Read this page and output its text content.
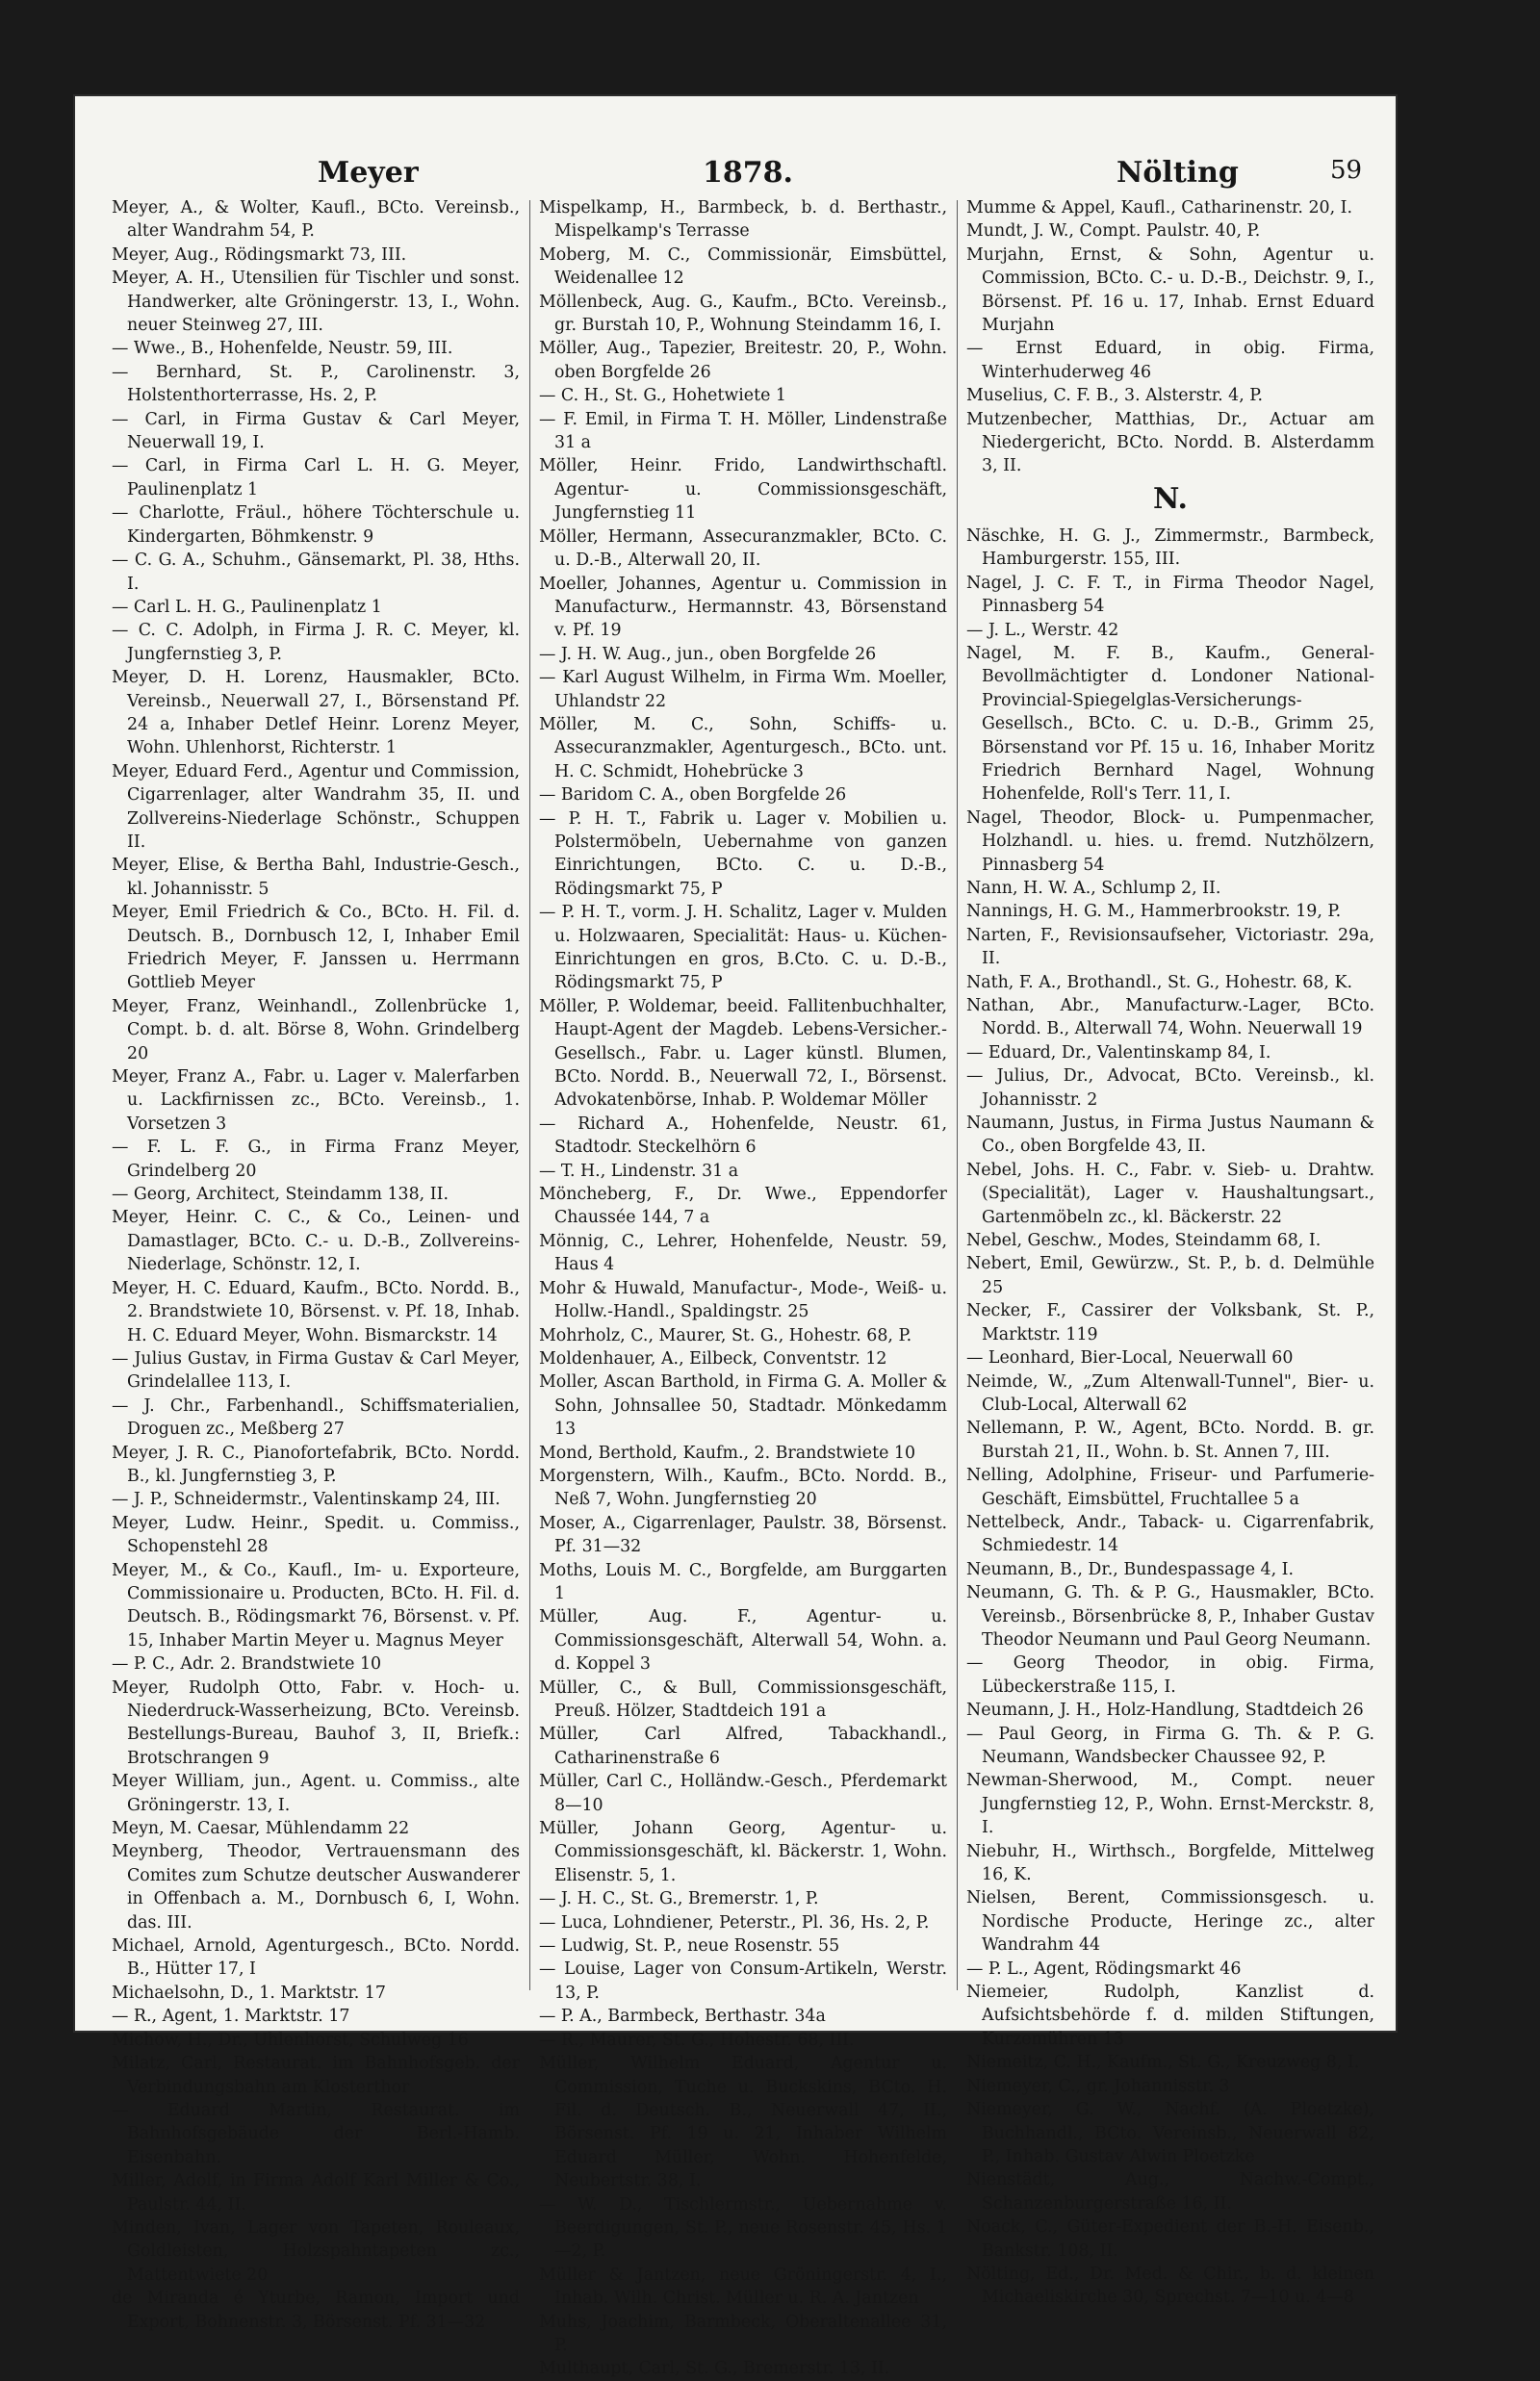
Meyer	1878.	Nölting	59

Meyer, A., & Wolter, Kaufl., BCto. Vereinsb., alter Wandrahm 54, P.

Meyer, Aug., Rödingsmarkt 73, III.

Meyer, A. H., Utensilien für Tischler und sonst. Handwerker, alte Gröningerstr. 13, I., Wohn. neuer Steinweg 27, III.

— Wwe., B., Hohenfelde, Neustr. 59, III.

— Bernhard, St. P., Carolinenstr. 3, Holstenthorterrasse, Hs. 2, P.

— Carl, in Firma Gustav & Carl Meyer, Neuerwall 19, I.

— Carl, in Firma Carl L. H. G. Meyer, Paulinenplatz 1

— Charlotte, Fräul., höhere Töchterschule u. Kindergarten, Böhmkenstr. 9

— C. G. A., Schuhm., Gänsemarkt, Pl. 38, Hths. I.

— Carl L. H. G., Paulinenplatz 1

— C. C. Adolph, in Firma J. R. C. Meyer, kl. Jungfernstieg 3, P.

Meyer, D. H. Lorenz, Hausmakler, BCto. Vereinsb., Neuerwall 27, I., Börsenstand Pf. 24 a, Inhaber Detlef Heinr. Lorenz Meyer, Wohn. Uhlenhorst, Richterstr. 1

Meyer, Eduard Ferd., Agentur und Commission, Cigarrenlager, alter Wandrahm 35, II. und Zollvereins-Niederlage Schönstr., Schuppen II.

Meyer, Elise, & Bertha Bahl, Industrie-Gesch., kl. Johannisstr. 5

Meyer, Emil Friedrich & Co., BCto. H. Fil. d. Deutsch. B., Dornbusch 12, I, Inhaber Emil Friedrich Meyer, F. Janssen u. Herrmann Gottlieb Meyer

Meyer, Franz, Weinhandl., Zollenbrücke 1, Compt. b. d. alt. Börse 8, Wohn. Grindelberg 20

Meyer, Franz A., Fabr. u. Lager v. Malerfarben u. Lackfirnissen zc., BCto. Vereinsb., 1. Vorsetzen 3

— F. L. F. G., in Firma Franz Meyer, Grindelberg 20

— Georg, Architect, Steindamm 138, II.

Meyer, Heinr. C. C., & Co., Leinen- und Damastlager, BCto. C.- u. D.-B., Zollvereins-Niederlage, Schönstr. 12, I.

Meyer, H. C. Eduard, Kaufm., BCto. Nordd. B., 2. Brandstwiete 10, Börsenst. v. Pf. 18, Inhab. H. C. Eduard Meyer, Wohn. Bismarckstr. 14

— Julius Gustav, in Firma Gustav & Carl Meyer, Grindelallee 113, I.

— J. Chr., Farbenhandl., Schiffsmaterialien, Droguen zc., Meßberg 27

Meyer, J. R. C., Pianofortefabrik, BCto. Nordd. B., kl. Jungfernstieg 3, P.

— J. P., Schneidermstr., Valentinskamp 24, III.

Meyer, Ludw. Heinr., Spedit. u. Commiss., Schopenstehl 28

Meyer, M., & Co., Kaufl., Im- u. Exporteure, Commissionaire u. Producten, BCto. H. Fil. d. Deutsch. B., Rödingsmarkt 76, Börsenst. v. Pf. 15, Inhaber Martin Meyer u. Magnus Meyer

— P. C., Adr. 2. Brandstwiete 10

Meyer, Rudolph Otto, Fabr. v. Hoch- u. Niederdruck-Wasserheizung, BCto. Vereinsb. Bestellungs-Bureau, Bauhof 3, II, Briefk.: Brotschrangen 9

Meyer William, jun., Agent. u. Commiss., alte Gröningerstr. 13, I.

Meyn, M. Caesar, Mühlendamm 22

Meynberg, Theodor, Vertrauensmann des Comites zum Schutze deutscher Auswanderer in Offenbach a. M., Dornbusch 6, I, Wohn. das. III.

Michael, Arnold, Agenturgesch., BCto. Nordd. B., Hütter 17, I

Michaelsohn, D., 1. Marktstr. 17

— R., Agent, 1. Marktstr. 17

Michow, H., Dr., Uhlenhorst, Schulweg 16

Milatz, Carl, Restaurat. im Bahnhofsgeb. der Verbindungsbahn am Klosterthor

— Eduard Martin, Restaurat. im Bahnhofsgebäude der Berl.-Hamb. Eisenbahn.

Miller, Adolf, in Firma Adolf Karl Miller & Co., Paulstr. 44, II.

Minden, Ivan, Lager von Tapeten, Rouleaux, Goldleisten, Holzspahntapeten zc., Mattentwiete 20

de Miranda é Yturbe, Ramon, Import und Export, Bohnenstr. 3, Börsenst. Pf. 31—32

Mispelkamp, H., Barmbeck, b. d. Berthastr., Mispelkamp's Terrasse

Moberg, M. C., Commissionär, Eimsbüttel, Weidenallee 12

Möllenbeck, Aug. G., Kaufm., BCto. Vereinsb., gr. Burstah 10, P., Wohnung Steindamm 16, I.

Möller, Aug., Tapezier, Breitestr. 20, P., Wohn. oben Borgfelde 26

— C. H., St. G., Hohetwiete 1

— F. Emil, in Firma T. H. Möller, Lindenstraße 31 a

Möller, Heinr. Frido, Landwirthschaftl. Agentur- u. Commissionsgeschäft, Jungfernstieg 11

Möller, Hermann, Assecuranzmakler, BCto. C. u. D.-B., Alterwall 20, II.

Moeller, Johannes, Agentur u. Commission in Manufacturw., Hermannstr. 43, Börsenstand v. Pf. 19

— J. H. W. Aug., jun., oben Borgfelde 26

— Karl August Wilhelm, in Firma Wm. Moeller, Uhlandstr 22

Möller, M. C., Sohn, Schiffs- u. Assecuranzmakler, Agenturgesch., BCto. unt. H. C. Schmidt, Hohebrücke 3

— Baridom C. A., oben Borgfelde 26

— P. H. T., Fabrik u. Lager v. Mobilien u. Polstermöbeln, Uebernahme von ganzen Einrichtungen, BCto. C. u. D.-B., Rödingsmarkt 75, P

— P. H. T., vorm. J. H. Schalitz, Lager v. Mulden u. Holzwaaren, Specialität: Haus- u. Küchen-Einrichtungen en gros, B.Cto. C. u. D.-B., Rödingsmarkt 75, P

Möller, P. Woldemar, beeid. Fallitenbuchhalter, Haupt-Agent der Magdeb. Lebens-Versicher.-Gesellsch., Fabr. u. Lager künstl. Blumen, BCto. Nordd. B., Neuerwall 72, I., Börsenst. Advokatenbörse, Inhab. P. Woldemar Möller

— Richard A., Hohenfelde, Neustr. 61, Stadtodr. Steckelhörn 6

— T. H., Lindenstr. 31 a

Möncheberg, F., Dr. Wwe., Eppendorfer Chaussée 144, 7 a

Mönnig, C., Lehrer, Hohenfelde, Neustr. 59, Haus 4

Mohr & Huwald, Manufactur-, Mode-, Weiß- u. Hollw.-Handl., Spaldingstr. 25

Mohrholz, C., Maurer, St. G., Hohestr. 68, P.

Moldenhauer, A., Eilbeck, Conventstr. 12

Moller, Ascan Barthold, in Firma G. A. Moller & Sohn, Johnsallee 50, Stadtadr. Mönkedamm 13

Mond, Berthold, Kaufm., 2. Brandstwiete 10

Morgenstern, Wilh., Kaufm., BCto. Nordd. B., Neß 7, Wohn. Jungfernstieg 20

Moser, A., Cigarrenlager, Paulstr. 38, Börsenst. Pf. 31—32

Moths, Louis M. C., Borgfelde, am Burggarten 1

Müller, Aug. F., Agentur- u. Commissionsgeschäft, Alterwall 54, Wohn. a. d. Koppel 3

Müller, C., & Bull, Commissionsgeschäft, Preuß. Hölzer, Stadtdeich 191 a

Müller, Carl Alfred, Tabackhandl., Catharinenstraße 6

Müller, Carl C., Holländw.-Gesch., Pferdemarkt 8—10

Müller, Johann Georg, Agentur- u. Commissionsgeschäft, kl. Bäckerstr. 1, Wohn. Elisenstr. 5, 1.

— J. H. C., St. G., Bremerstr. 1, P.

— Luca, Lohndiener, Peterstr., Pl. 36, Hs. 2, P.

— Ludwig, St. P., neue Rosenstr. 55

— Louise, Lager von Consum-Artikeln, Werstr. 13, P.

— P. A., Barmbeck, Berthastr. 34a

— R., Maurer, St. G., Hohestr. 68, III.

Müller, Wilhelm Eduard, Agentur u. Commission, Tuche u. Buckskins, BCto. H. Fil. d. Deutsch. B., Neuerwall 47, II., Börsenst. Pf. 19 u. 21, Inhaber Wilhelm Eduard Müller, Wohn. Hohenfelde, Neubertstr. 38, I.

— W. D., Tischlermstr., Uebernahme v. Beerdigungen, St. P., neue Rosenstr. 45, Hs. 1—2, P.

Müller & Jantzen, neue Gröningerstr. 4, I., Inhab. Wilh. Christ. Müller u. R. A. Jantzen

Muhs, Joachim, Barmbeck, Oberaltenallee 31, P.

Multhaupt, Carl, St. G., Bremerstr. 13, II.

Mumme & Appel, Kaufl., Catharinenstr. 20, I.

Mundt, J. W., Compt. Paulstr. 40, P.

Murjahn, Ernst, & Sohn, Agentur u. Commission, BCto. C.- u. D.-B., Deichstr. 9, I., Börsenst. Pf. 16 u. 17, Inhab. Ernst Eduard Murjahn

— Ernst Eduard, in obig. Firma, Winterhuderweg 46

Muselius, C. F. B., 3. Alsterstr. 4, P.

Mutzenbecher, Matthias, Dr., Actuar am Niedergericht, BCto. Nordd. B. Alsterdamm 3, II.

N.

Näschke, H. G. J., Zimmermstr., Barmbeck, Hamburgerstr. 155, III.

Nagel, J. C. F. T., in Firma Theodor Nagel, Pinnasberg 54

— J. L., Werstr. 42

Nagel, M. F. B., Kaufm., General-Bevollmächtigter d. Londoner National-Provincial-Spiegelglas-Versicherungs-Gesellsch., BCto. C. u. D.-B., Grimm 25, Börsenstand vor Pf. 15 u. 16, Inhaber Moritz Friedrich Bernhard Nagel, Wohnung Hohenfelde, Roll's Terr. 11, I.

Nagel, Theodor, Block- u. Pumpenmacher, Holzhandl. u. hies. u. fremd. Nutzhölzern, Pinnasberg 54

Nann, H. W. A., Schlump 2, II.

Nannings, H. G. M., Hammerbrookstr. 19, P.

Narten, F., Revisionsaufseher, Victoriastr. 29a, II.

Nath, F. A., Brothandl., St. G., Hohestr. 68, K.

Nathan, Abr., Manufacturw.-Lager, BCto. Nordd. B., Alterwall 74, Wohn. Neuerwall 19

— Eduard, Dr., Valentinskamp 84, I.

— Julius, Dr., Advocat, BCto. Vereinsb., kl. Johannisstr. 2

Naumann, Justus, in Firma Justus Naumann & Co., oben Borgfelde 43, II.

Nebel, Johs. H. C., Fabr. v. Sieb- u. Drahtw. (Specialität), Lager v. Haushaltungsart., Gartenmöbeln zc., kl. Bäckerstr. 22

Nebel, Geschw., Modes, Steindamm 68, I.

Nebert, Emil, Gewürzw., St. P., b. d. Delmühle 25

Necker, F., Cassirer der Volksbank, St. P., Marktstr. 119

— Leonhard, Bier-Local, Neuerwall 60

Neimde, W., „Zum Altenwall-Tunnel", Bier- u. Club-Local, Alterwall 62

Nellemann, P. W., Agent, BCto. Nordd. B. gr. Burstah 21, II., Wohn. b. St. Annen 7, III.

Nelling, Adolphine, Friseur- und Parfumerie-Geschäft, Eimsbüttel, Fruchtallee 5 a

Nettelbeck, Andr., Taback- u. Cigarrenfabrik, Schmiedestr. 14

Neumann, B., Dr., Bundespassage 4, I.

Neumann, G. Th. & P. G., Hausmakler, BCto. Vereinsb., Börsenbrücke 8, P., Inhaber Gustav Theodor Neumann und Paul Georg Neumann.

— Georg Theodor, in obig. Firma, Lübeckerstraße 115, I.

Neumann, J. H., Holz-Handlung, Stadtdeich 26

— Paul Georg, in Firma G. Th. & P. G. Neumann, Wandsbecker Chaussee 92, P.

Newman-Sherwood, M., Compt. neuer Jungfernstieg 12, P., Wohn. Ernst-Merckstr. 8, I.

Niebuhr, H., Wirthsch., Borgfelde, Mittelweg 16, K.

Nielsen, Berent, Commissionsgesch. u. Nordische Producte, Heringe zc., alter Wandrahm 44

— P. L., Agent, Rödingsmarkt 46

Niemeier, Rudolph, Kanzlist d. Aufsichtsbehörde f. d. milden Stiftungen, Kurzemühren 13

Niemeitz, C. H., Kaufm., St. G., Kreuzweg 8, I.

Niemeyer, C., gr. Johannisstr. 3

Niemeyer, G. W., Nachf. (A. Ploetzke), Buchhandl., BCto. Vereinsb., Neuerwall 82, P., Inhab. Gustav Alwin Ploetzke

Nienstädt, Aug., Nachw.-Compt., Schanzenburgerstraße 16, II.

Noack, C., Güter-Expedient der B.-H. Eisenb., Bankstr. 108, II.

Nölting, Ed., Dr. Med. & Chir., b. d. kleinen Michaeliskirche 30, Sprechst. 7—10 u. 4—8
